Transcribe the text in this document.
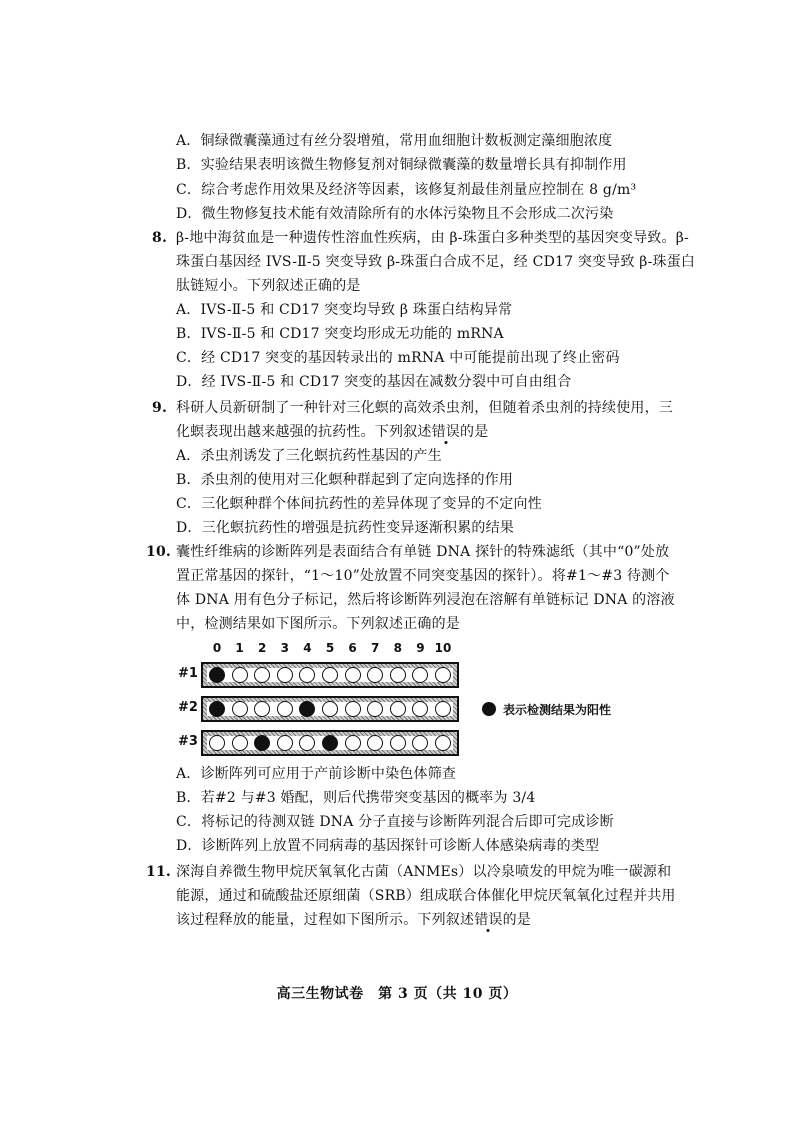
A．铜绿微囊藻通过有丝分裂增殖，常用血细胞计数板测定藻细胞浓度
B．实验结果表明该微生物修复剂对铜绿微囊藻的数量增长具有抑制作用
C．综合考虑作用效果及经济等因素，该修复剂最佳剂量应控制在 8 g/m³
D．微生物修复技术能有效清除所有的水体污染物且不会形成二次污染
8. β-地中海贫血是一种遗传性溶血性疾病，由 β-珠蛋白多种类型的基因突变导致。β-
珠蛋白基因经 IVS-Ⅱ-5 突变导致 β-珠蛋白合成不足，经 CD17 突变导致 β-珠蛋白
肽链短小。下列叙述正确的是
A．IVS-Ⅱ-5 和 CD17 突变均导致 β 珠蛋白结构异常
B．IVS-Ⅱ-5 和 CD17 突变均形成无功能的 mRNA
C．经 CD17 突变的基因转录出的 mRNA 中可能提前出现了终止密码
D．经 IVS-Ⅱ-5 和 CD17 突变的基因在减数分裂中可自由组合
9. 科研人员新研制了一种针对三化螟的高效杀虫剂，但随着杀虫剂的持续使用，三
化螟表现出越来越强的抗药性。下列叙述错误的是
A．杀虫剂诱发了三化螟抗药性基因的产生
B．杀虫剂的使用对三化螟种群起到了定向选择的作用
C．三化螟种群个体间抗药性的差异体现了变异的不定向性
D．三化螟抗药性的增强是抗药性变异逐渐积累的结果
10. 囊性纤维病的诊断阵列是表面结合有单链 DNA 探针的特殊滤纸（其中“0”处放
置正常基因的探针，“1～10”处放置不同突变基因的探针）。将#1～#3 待测个
体 DNA 用有色分子标记，然后将诊断阵列浸泡在溶解有单链标记 DNA 的溶液
中，检测结果如下图所示。下列叙述正确的是
0	1	2	3	4	5	6	7	8	9 10
#1
#2
#3
表示检测结果为阳性
A．诊断阵列可应用于产前诊断中染色体筛查
B．若#2 与#3 婚配，则后代携带突变基因的概率为 3/4
C．将标记的待测双链 DNA 分子直接与诊断阵列混合后即可完成诊断
D．诊断阵列上放置不同病毒的基因探针可诊断人体感染病毒的类型
11. 深海自养微生物甲烷厌氧氧化古菌（ANMEs）以冷泉喷发的甲烷为唯一碳源和
能源，通过和硫酸盐还原细菌（SRB）组成联合体催化甲烷厌氧氧化过程并共用
该过程释放的能量，过程如下图所示。下列叙述错误的是
高三生物试卷　第 3 页（共 10 页）
